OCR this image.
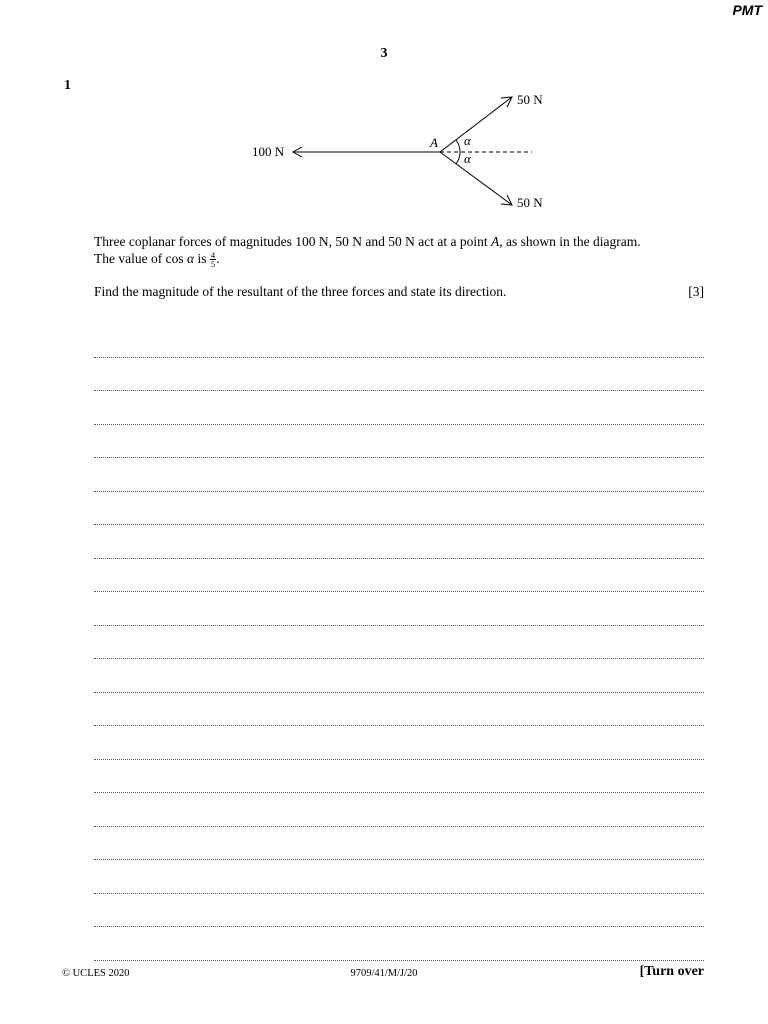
PMT
3
1
100 N
50 N
50 N
A α
α
Three coplanar forces of magnitudes 100 N, 50 N and 50 N act at a point A, as shown in the diagram.
The value of cos α is $\frac{4}{5}$ .
Find the magnitude of the resultant of the three forces and state its direction.	[3]
© UCLES 2020	9709/41/M/J/20	[Turn over
